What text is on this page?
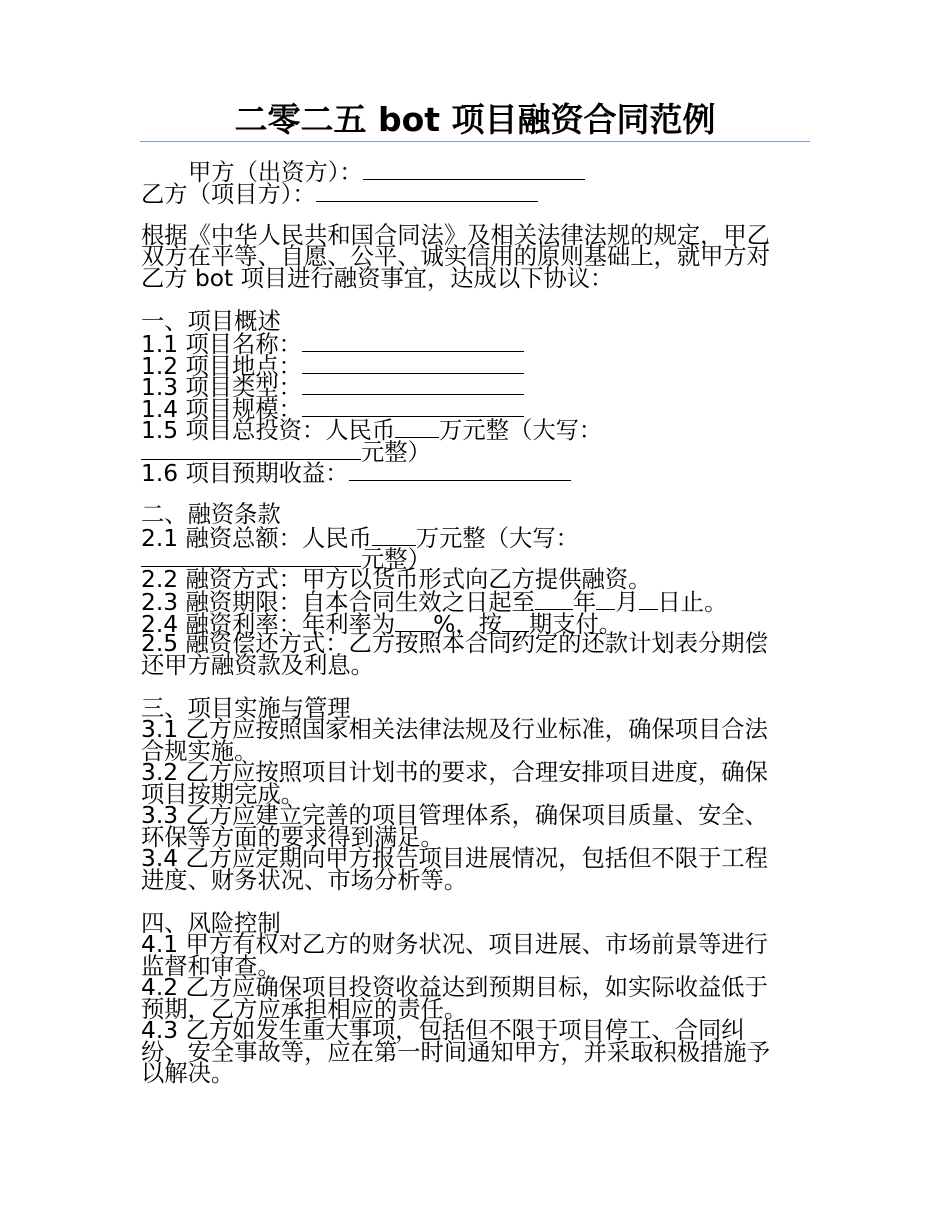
二零二五 bot 项目融资合同范例
甲方（出资方）：
乙方（项目方）：
根据《中华人民共和国合同法》及相关法律法规的规定，甲乙
双方在平等、自愿、公平、诚实信用的原则基础上，就甲方对
乙方 bot 项目进行融资事宜，达成以下协议：
一、项目概述
1.1 项目名称：
1.2 项目地点：
1.3 项目类型：
1.4 项目规模：
1.5 项目总投资：人民币 万元整（大写：
元整）
1.6 项目预期收益：
二、融资条款
2.1 融资总额：人民币 万元整（大写：
元整）
2.2 融资方式：甲方以货币形式向乙方提供融资。
2.3 融资期限：自本合同生效之日起至 年 月 日止。
2.4 融资利率：年利率为 %，按 期支付。
2.5 融资偿还方式：乙方按照本合同约定的还款计划表分期偿
还甲方融资款及利息。
三、项目实施与管理
3.1 乙方应按照国家相关法律法规及行业标准，确保项目合法
合规实施。
3.2 乙方应按照项目计划书的要求，合理安排项目进度，确保
项目按期完成。
3.3 乙方应建立完善的项目管理体系，确保项目质量、安全、
环保等方面的要求得到满足。
3.4 乙方应定期向甲方报告项目进展情况，包括但不限于工程
进度、财务状况、市场分析等。
四、风险控制
4.1 甲方有权对乙方的财务状况、项目进展、市场前景等进行
监督和审查。
4.2 乙方应确保项目投资收益达到预期目标，如实际收益低于
预期，乙方应承担相应的责任。
4.3 乙方如发生重大事项，包括但不限于项目停工、合同纠
纷、安全事故等，应在第一时间通知甲方，并采取积极措施予
以解决。
